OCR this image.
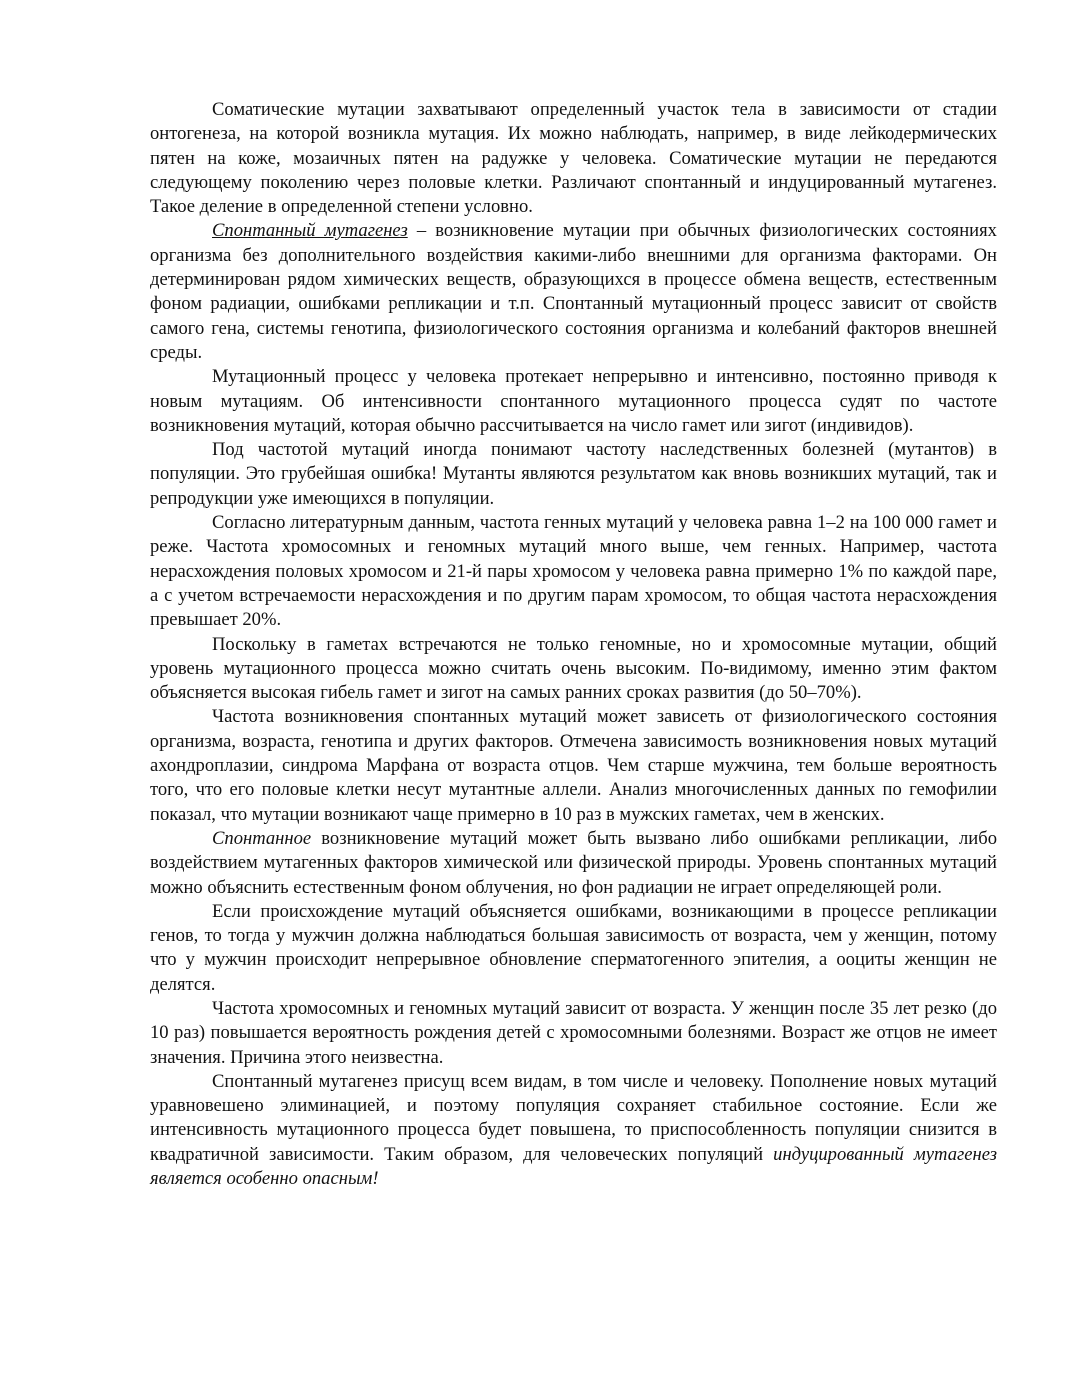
Соматические мутации захватывают определенный участок тела в зависимости от стадии онтогенеза, на которой возникла мутация. Их можно наблюдать, например, в виде лейкодермических пятен на коже, мозаичных пятен на радужке у человека. Соматические мутации не передаются следующему поколению через половые клетки. Различают спонтанный и индуцированный мутагенез. Такое деление в определенной степени условно.

Спонтанный мутагенез – возникновение мутации при обычных физиологических состояниях организма без дополнительного воздействия какими-либо внешними для организма факторами. Он детерминирован рядом химических веществ, образующихся в процессе обмена веществ, естественным фоном радиации, ошибками репликации и т.п. Спонтанный мутационный процесс зависит от свойств самого гена, системы генотипа, физиологического состояния организма и колебаний факторов внешней среды.

Мутационный процесс у человека протекает непрерывно и интенсивно, постоянно приводя к новым мутациям. Об интенсивности спонтанного мутационного процесса судят по частоте возникновения мутаций, которая обычно рассчитывается на число гамет или зигот (индивидов).

Под частотой мутаций иногда понимают частоту наследственных болезней (мутантов) в популяции. Это грубейшая ошибка! Мутанты являются результатом как вновь возникших мутаций, так и репродукции уже имеющихся в популяции.

Согласно литературным данным, частота генных мутаций у человека равна 1–2 на 100 000 гамет и реже. Частота хромосомных и геномных мутаций много выше, чем генных. Например, частота нерасхождения половых хромосом и 21-й пары хромосом у человека равна примерно 1% по каждой паре, а с учетом встречаемости нерасхождения и по другим парам хромосом, то общая частота нерасхождения превышает 20%.

Поскольку в гаметах встречаются не только геномные, но и хромосомные мутации, общий уровень мутационного процесса можно считать очень высоким. По-видимому, именно этим фактом объясняется высокая гибель гамет и зигот на самых ранних сроках развития (до 50–70%).

Частота возникновения спонтанных мутаций может зависеть от физиологического состояния организма, возраста, генотипа и других факторов. Отмечена зависимость возникновения новых мутаций ахондроплазии, синдрома Марфана от возраста отцов. Чем старше мужчина, тем больше вероятность того, что его половые клетки несут мутантные аллели. Анализ многочисленных данных по гемофилии показал, что мутации возникают чаще примерно в 10 раз в мужских гаметах, чем в женских.

Спонтанное возникновение мутаций может быть вызвано либо ошибками репликации, либо воздействием мутагенных факторов химической или физической природы. Уровень спонтанных мутаций можно объяснить естественным фоном облучения, но фон радиации не играет определяющей роли.

Если происхождение мутаций объясняется ошибками, возникающими в процессе репликации генов, то тогда у мужчин должна наблюдаться большая зависимость от возраста, чем у женщин, потому что у мужчин происходит непрерывное обновление сперматогенного эпителия, а ооциты женщин не делятся.

Частота хромосомных и геномных мутаций зависит от возраста. У женщин после 35 лет резко (до 10 раз) повышается вероятность рождения детей с хромосомными болезнями. Возраст же отцов не имеет значения. Причина этого неизвестна.

Спонтанный мутагенез присущ всем видам, в том числе и человеку. Пополнение новых мутаций уравновешено элиминацией, и поэтому популяция сохраняет стабильное состояние. Если же интенсивность мутационного процесса будет повышена, то приспособленность популяции снизится в квадратичной зависимости. Таким образом, для человеческих популяций индуцированный мутагенез является особенно опасным!
